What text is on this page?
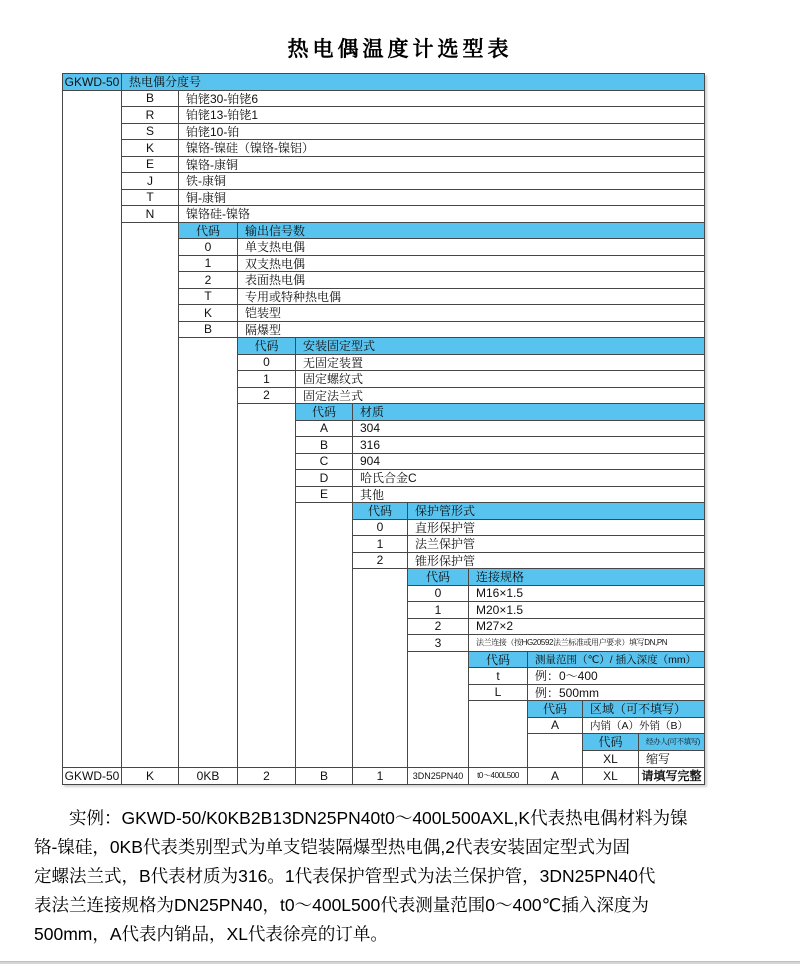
热电偶温度计选型表
GKWD-50 热电偶分度号
B	铂铑30-铂铑6
R	铂铑13-铂铑1
S	铂铑10-铂
K	镍铬-镍硅（镍铬-镍铝）
E	镍铬-康铜
J	铁-康铜
T	铜-康铜
N	镍铬硅-镍铬
代码	输出信号数
0	单支热电偶
1	双支热电偶
2	表面热电偶
T	专用或特种热电偶
K	铠装型
B	隔爆型
代码	安装固定型式
0	无固定装置
1	固定螺纹式
2	固定法兰式
代码	材质
A	304
B	316
C	904
D	哈氏合金C
E	其他
代码	保护管形式
0	直形保护管
1	法兰保护管
2	锥形保护管
代码	连接规格
0	M16×1.5
1	M20×1.5
2	M27×2
3	法兰连接（按HG20592法兰标准或用户要求）填写DN,PN
代码	测量范围（℃）/ 插入深度（mm）
t	例：0～400
L	例：500mm
代码	区域（可不填写）
A	内销（A）外销（B）
代码	经办人(可不填写)
XL	缩写
GKWD-50	K	0KB	2	B	1	3DN25PN40	t0～400L500	A	XL	请填写完整
实例：GKWD-50/K0KB2B13DN25PN40t0～400L500AXL,K代表热电偶材料为镍
铬-镍硅，0KB代表类别型式为单支铠装隔爆型热电偶,2代表安装固定型式为固
定螺法兰式，B代表材质为316。1代表保护管型式为法兰保护管，3DN25PN40代
表法兰连接规格为DN25PN40，t0～400L500代表测量范围0～400℃插入深度为
500mm，A代表内销品，XL代表徐亮的订单。
